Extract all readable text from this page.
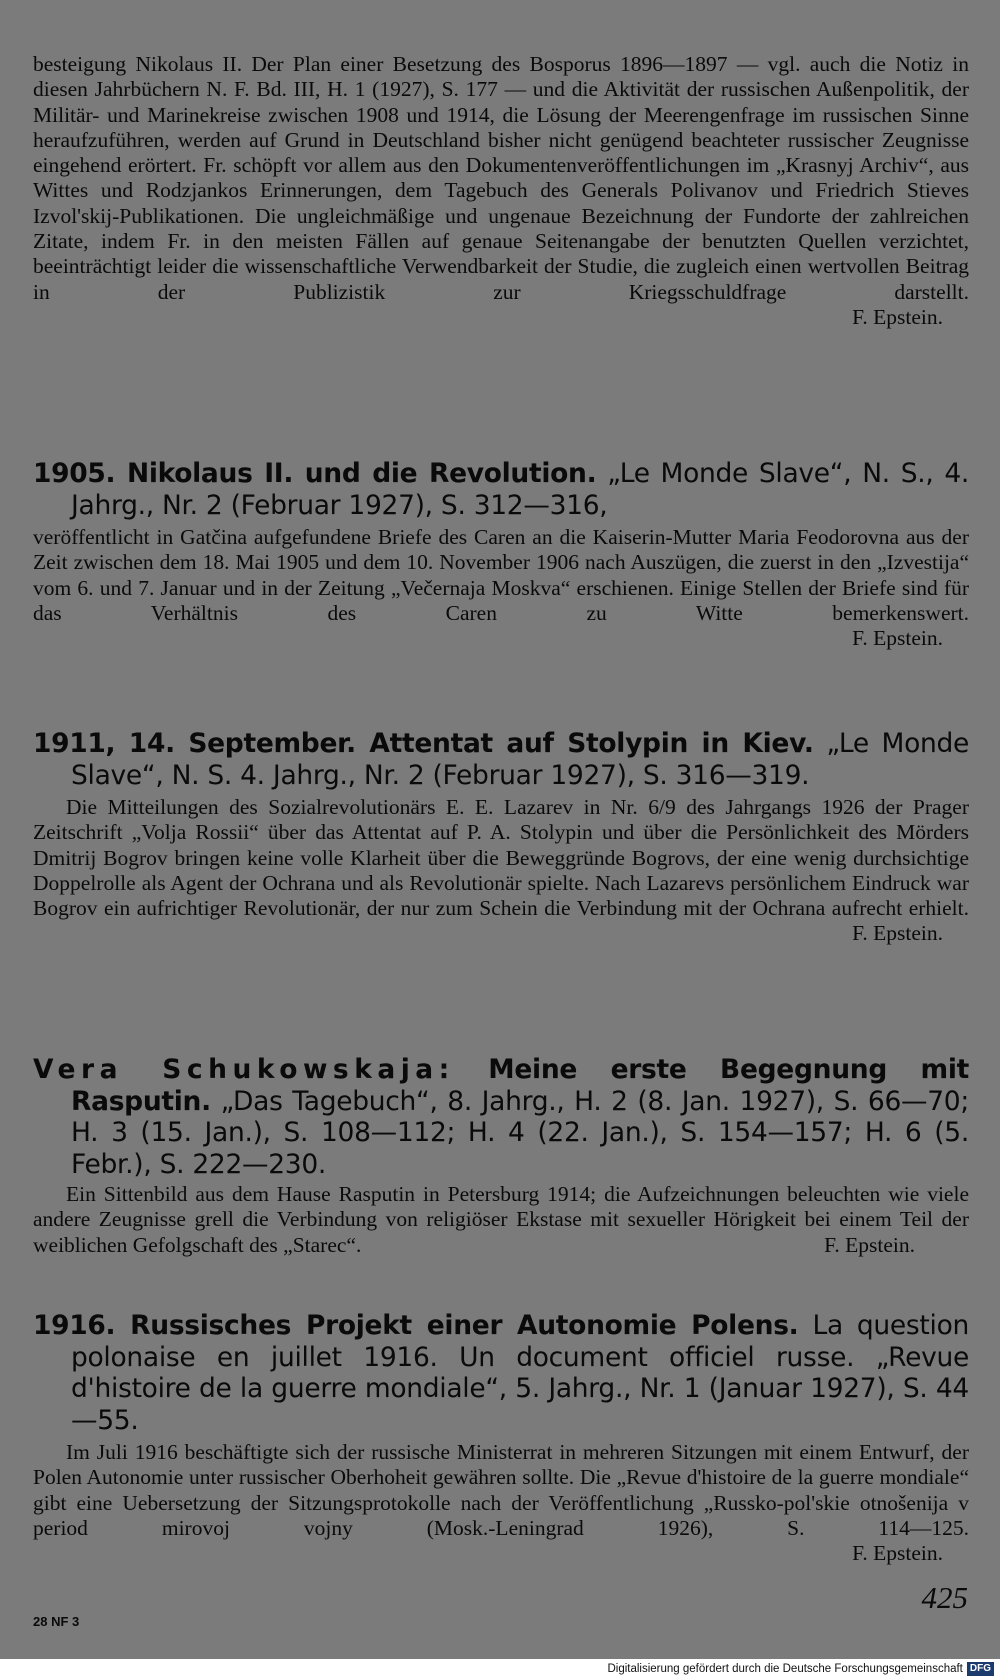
besteigung Nikolaus II. Der Plan einer Besetzung des Bosporus 1896—1897 — vgl. auch die Notiz in diesen Jahrbüchern N. F. Bd. III, H. 1 (1927), S. 177 — und die Aktivität der russischen Außenpolitik, der Militär- und Marinekreise zwischen 1908 und 1914, die Lösung der Meerengenfrage im russischen Sinne heraufzuführen, werden auf Grund in Deutschland bisher nicht genügend beachteter russischer Zeugnisse eingehend erörtert. Fr. schöpft vor allem aus den Dokumentenveröffentlichungen im „Krasnyj Archiv“, aus Wittes und Rodzjankos Erinnerungen, dem Tagebuch des Generals Polivanov und Friedrich Stieves Izvol'skij-Publikationen. Die ungleichmäßige und ungenaue Bezeichnung der Fundorte der zahlreichen Zitate, indem Fr. in den meisten Fällen auf genaue Seitenangabe der benutzten Quellen verzichtet, beeinträchtigt leider die wissenschaftliche Verwendbarkeit der Studie, die zugleich einen wertvollen Beitrag in der Publizistik zur Kriegsschuldfrage darstellt.

F. Epstein.

1905. Nikolaus II. und die Revolution. „Le Monde Slave“, N. S., 4. Jahrg., Nr. 2 (Februar 1927), S. 312—316,

veröffentlicht in Gatčina aufgefundene Briefe des Caren an die Kaiserin-Mutter Maria Feodorovna aus der Zeit zwischen dem 18. Mai 1905 und dem 10. November 1906 nach Auszügen, die zuerst in den „Izvestija“ vom 6. und 7. Januar und in der Zeitung „Večernaja Moskva“ erschienen. Einige Stellen der Briefe sind für das Verhältnis des Caren zu Witte bemerkenswert.

F. Epstein.

1911, 14. September. Attentat auf Stolypin in Kiev. „Le Monde Slave“, N. S. 4. Jahrg., Nr. 2 (Februar 1927), S. 316—319.

Die Mitteilungen des Sozialrevolutionärs E. E. Lazarev in Nr. 6/9 des Jahrgangs 1926 der Prager Zeitschrift „Volja Rossii“ über das Attentat auf P. A. Stolypin und über die Persönlichkeit des Mörders Dmitrij Bogrov bringen keine volle Klarheit über die Beweggründe Bogrovs, der eine wenig durchsichtige Doppelrolle als Agent der Ochrana und als Revolutionär spielte. Nach Lazarevs persönlichem Eindruck war Bogrov ein aufrichtiger Revolutionär, der nur zum Schein die Verbindung mit der Ochrana aufrecht erhielt.

F. Epstein.

Vera Schukowskaja: Meine erste Begegnung mit Rasputin. „Das Tagebuch“, 8. Jahrg., H. 2 (8. Jan. 1927), S. 66—70; H. 3 (15. Jan.), S. 108—112; H. 4 (22. Jan.), S. 154—157; H. 6 (5. Febr.), S. 222—230.

Ein Sittenbild aus dem Hause Rasputin in Petersburg 1914; die Aufzeichnungen beleuchten wie viele andere Zeugnisse grell die Verbindung von religiöser Ekstase mit sexueller Hörigkeit bei einem Teil der weiblichen Gefolgschaft des „Starec“.	F. Epstein.

1916. Russisches Projekt einer Autonomie Polens. La question polonaise en juillet 1916. Un document officiel russe. „Revue d'histoire de la guerre mondiale“, 5. Jahrg., Nr. 1 (Januar 1927), S. 44—55.

Im Juli 1916 beschäftigte sich der russische Ministerrat in mehreren Sitzungen mit einem Entwurf, der Polen Autonomie unter russischer Oberhoheit gewähren sollte. Die „Revue d'histoire de la guerre mondiale“ gibt eine Uebersetzung der Sitzungsprotokolle nach der Veröffentlichung „Russko-pol'skie otnošenija v period mirovoj vojny (Mosk.-Leningrad 1926), S. 114—125.

F. Epstein.

425
28 NF 3
Digitalisierung gefördert durch die Deutsche Forschungsgemeinschaft DFG
